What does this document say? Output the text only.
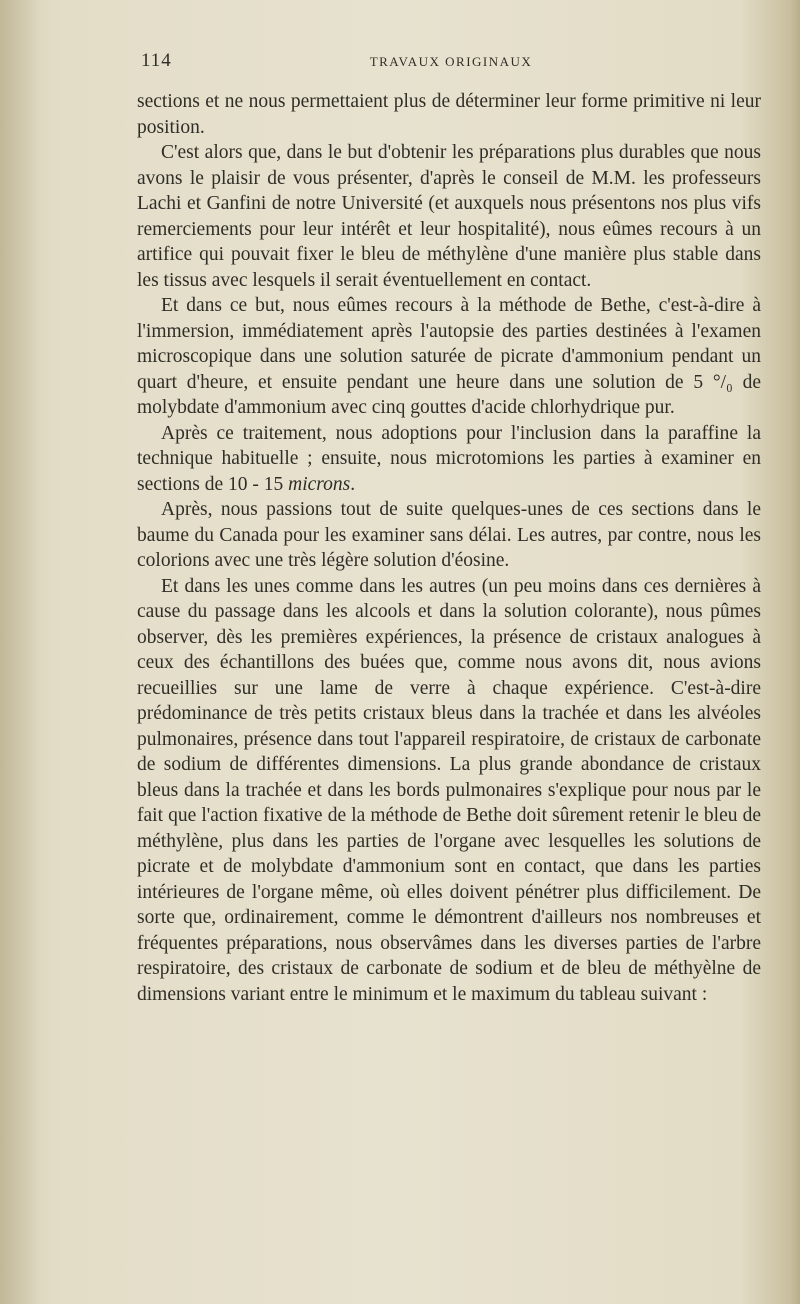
114	TRAVAUX ORIGINAUX

sections et ne nous permettaient plus de déterminer leur forme primitive ni leur position.

C'est alors que, dans le but d'obtenir les préparations plus durables que nous avons le plaisir de vous présenter, d'après le conseil de M.M. les professeurs Lachi et Ganfini de notre Université (et auxquels nous présentons nos plus vifs remerciements pour leur intérêt et leur hospitalité), nous eûmes recours à un artifice qui pouvait fixer le bleu de méthylène d'une manière plus stable dans les tissus avec lesquels il serait éventuellement en contact.

Et dans ce but, nous eûmes recours à la méthode de Bethe, c'est-à-dire à l'immersion, immédiatement après l'autopsie des parties destinées à l'examen microscopique dans une solution saturée de picrate d'ammonium pendant un quart d'heure, et ensuite pendant une heure dans une solution de 5 °/₀ de molybdate d'ammonium avec cinq gouttes d'acide chlorhydrique pur.

Après ce traitement, nous adoptions pour l'inclusion dans la paraffine la technique habituelle ; ensuite, nous microtomions les parties à examiner en sections de 10 - 15 microns.

Après, nous passions tout de suite quelques-unes de ces sections dans le baume du Canada pour les examiner sans délai. Les autres, par contre, nous les colorions avec une très légère solution d'éosine.

Et dans les unes comme dans les autres (un peu moins dans ces dernières à cause du passage dans les alcools et dans la solution colorante), nous pûmes observer, dès les premières expériences, la présence de cristaux analogues à ceux des échantillons des buées que, comme nous avons dit, nous avions recueillies sur une lame de verre à chaque expérience. C'est-à-dire prédominance de très petits cristaux bleus dans la trachée et dans les alvéoles pulmonaires, présence dans tout l'appareil respiratoire, de cristaux de carbonate de sodium de différentes dimensions. La plus grande abondance de cristaux bleus dans la trachée et dans les bords pulmonaires s'explique pour nous par le fait que l'action fixative de la méthode de Bethe doit sûrement retenir le bleu de méthylène, plus dans les parties de l'organe avec lesquelles les solutions de picrate et de molybdate d'ammonium sont en contact, que dans les parties intérieures de l'organe même, où elles doivent pénétrer plus difficilement. De sorte que, ordinairement, comme le démontrent d'ailleurs nos nombreuses et fréquentes préparations, nous observâmes dans les diverses parties de l'arbre respiratoire, des cristaux de carbonate de sodium et de bleu de méthyèlne de dimensions variant entre le minimum et le maximum du tableau suivant :
